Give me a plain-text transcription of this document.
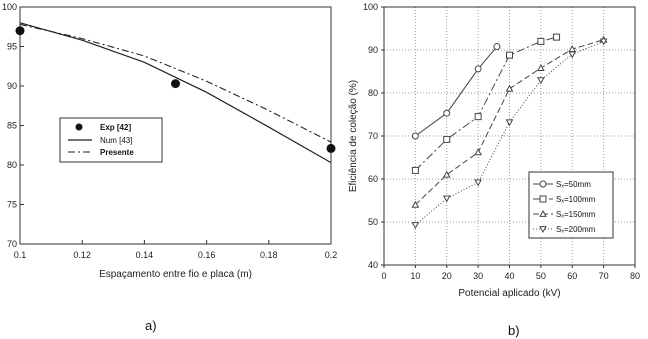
0.1	0.12	0.14	0.16	0.18	0.2
70
75
80
85
90
95
100
Espaçamento entre fio e placa (m)
Exp [42]
Num [43]
Presente
a)
0	10 20 30 40 50 60 70 80
40
50
60
70
80
90
100
Potencial aplicado (kV)
Eficiência de coleção (%)	Sₓ=50mm
Sₓ=100mm
Sₓ=150mm
Sₓ=200mm
b)
